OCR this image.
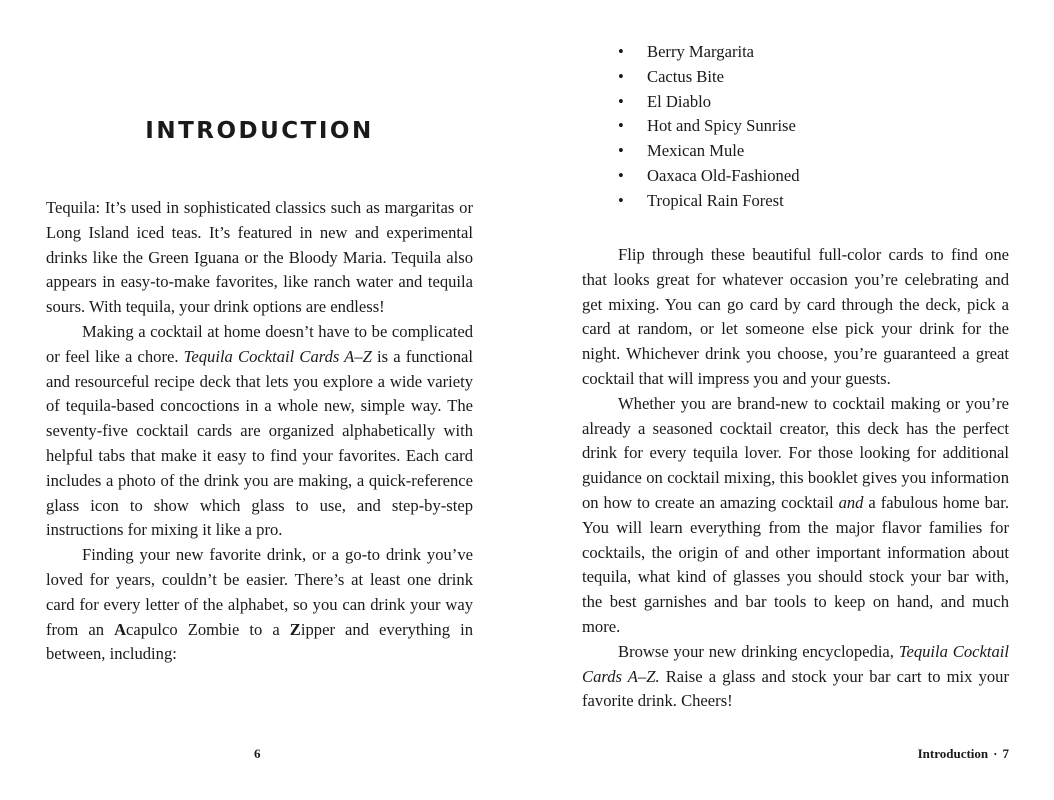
INTRODUCTION

Tequila: It’s used in sophisticated classics such as margaritas or Long Island iced teas. It’s featured in new and experimental drinks like the Green Iguana or the Bloody Maria. Tequila also appears in easy-to-make favorites, like ranch water and tequila sours. With tequila, your drink options are endless!

Making a cocktail at home doesn’t have to be complicated or feel like a chore. Tequila Cocktail Cards A–Z is a functional and resourceful recipe deck that lets you explore a wide variety of tequila-based concoctions in a whole new, simple way. The seventy-five cocktail cards are organized alphabetically with helpful tabs that make it easy to find your favorites. Each card includes a photo of the drink you are making, a quick-reference glass icon to show which glass to use, and step-by-step instructions for mixing it like a pro.

Finding your new favorite drink, or a go-to drink you’ve loved for years, couldn’t be easier. There’s at least one drink card for every letter of the alphabet, so you can drink your way from an Acapulco Zombie to a Zipper and everything in between, including:

6
•	Berry Margarita
•	Cactus Bite
•	El Diablo
•	Hot and Spicy Sunrise
•	Mexican Mule
•	Oaxaca Old-Fashioned
•	Tropical Rain Forest

Flip through these beautiful full-color cards to find one that looks great for whatever occasion you’re celebrating and get mixing. You can go card by card through the deck, pick a card at random, or let someone else pick your drink for the night. Whichever drink you choose, you’re guaranteed a great cocktail that will impress you and your guests.

Whether you are brand-new to cocktail making or you’re already a seasoned cocktail creator, this deck has the perfect drink for every tequila lover. For those looking for additional guidance on cocktail mixing, this booklet gives you information on how to create an amazing cocktail and a fabulous home bar. You will learn everything from the major flavor families for cocktails, the origin of and other important information about tequila, what kind of glasses you should stock your bar with, the best garnishes and bar tools to keep on hand, and much more.

Browse your new drinking encyclopedia, Tequila Cocktail Cards A–Z. Raise a glass and stock your bar cart to mix your favorite drink. Cheers!

Introduction · 7
